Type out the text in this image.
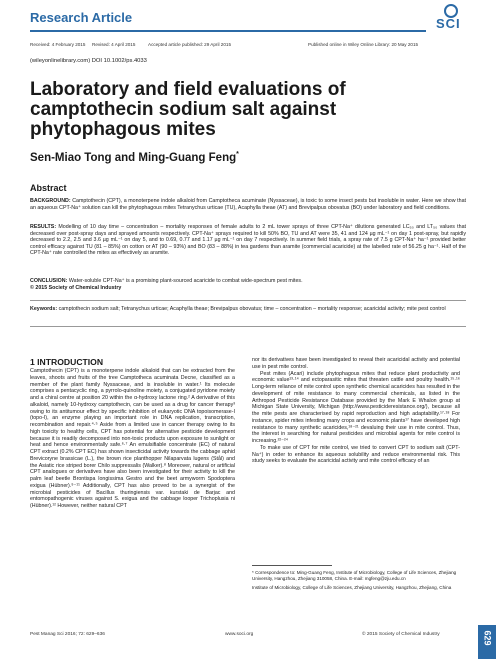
Research Article	SCI
Received: 4 February 2015 Revised: 4 April 2015	Accepted article published: 29 April 2015	Published online in Wiley Online Library: 20 May 2015
(wileyonlinelibrary.com) DOI 10.1002/ps.4033
Laboratory and field evaluations of camptothecin sodium salt against phytophagous mites
Sen-Miao Tong and Ming-Guang Feng*
Abstract
BACKGROUND: Camptothecin (CPT), a monoterpene indole alkaloid from Camptotheca acuminate (Nyssaceae), is toxic to some insect pests but insoluble in water. Here we show that an aqueous CPT-Na⁺ solution can kill the phytophagous mites Tetranychus urticae (TU), Acaphylla theae (AT) and Brevipalpus obovatus (BO) under laboratory and field conditions.
RESULTS: Modelling of 10 day time – concentration – mortality responses of female adults to 2 mL tower sprays of three CPT-Na⁺ dilutions generated LC₅₀ and LT₅₀ values that decreased over post-spray days and sprayed amounts respectively. CPT-Na⁺ sprays required to kill 50% BO, TU and AT were 35, 41 and 124 µg mL⁻¹ on day 1 post-spray, but rapidly decreased to 2.2, 2.5 and 3.6 µg mL⁻¹ on day 5, and to 0.69, 0.77 and 1.17 µg mL⁻¹ on day 7 respectively. In summer field trials, a spray rate of 7.5 g CPT-Na⁺ ha⁻¹ provided better control efficacy against TU (81 – 85%) on cotton or AT (90 – 93%) and BO (83 – 88%) in tea gardens than aramite (commercial acaricide) at the labelled rate of 56.25 g ha⁻¹. Half of the CPT-Na⁺ rate controlled the mites as effectively as aramite.
CONCLUSION: Water-soluble CPT-Na⁺ is a promising plant-sourced acaricide to combat wide-spectrum pest mites.
© 2015 Society of Chemical Industry
Keywords: camptothecin sodium salt; Tetranychus urticae; Acaphylla theae; Brevipalpus obovatus; time – concentration – mortality response; acaricidal activity; mite pest control
1 INTRODUCTION

Camptothecin (CPT) is a monoterpene indole alkaloid that can be extracted from the leaves, shoots and fruits of the tree Camptotheca acuminata Decne, classified as a member of the plant family Nyssaceae, and is insoluble in water.¹ Its molecule comprises a pentacyclic ring, a pyrrolo-quinoline moiety, a conjugated pyridone moiety and a chiral centre at position 20 within the α-hydroxy lactone ring.² A derivative of this alkaloid, namely 10-hydroxy camptothecin, can be used as a drug for cancer therapy³ owing to its antitumour effect by specific inhibition of eukaryotic DNA topoisomerase-I (topo-I), an enzyme playing an important role in DNA replication, transcription, recombination and repair.⁴·⁵ Aside from a limited use in cancer therapy owing to its high toxicity to healthy cells, CPT has potential for alternative pesticide development because it is readily decomposed into non-toxic products upon exposure to sunlight or heat and hence environmentally safe.⁶·⁷ An emulsifiable concentrate (EC) of natural CPT extract (0.2% CPT EC) has shown insecticidal activity towards the cabbage aphid Brevicoryne brassicae (L.), the brown rice planthopper Nilaparvata lugens (Stål) and the Asiatic rice striped borer Chilo suppressalis (Walker).⁸ Moreover, natural or artificial CPT analogues or derivatives have also been investigated for their activity to kill the palm leaf beetle Brontispa longissima Gestro and the beet armyworm Spodoptera exigua (Hübner).⁹⁻¹¹ Additionally, CPT has also proved to be a synergist of the microbial pesticides of Bacillus thuringiensis var. kurstaki de Barjac and entomopathogenic viruses against S. exigua and the cabbage looper Trichoplusia ni (Hübner).¹² However, neither natural CPT

nor its derivatives have been investigated to reveal their acaricidal activity and potential use in pest mite control.

Pest mites (Acari) include phytophagous mites that reduce plant productivity and economic value¹³·¹⁴ and ectoparasitic mites that threaten cattle and poultry health.¹⁵·¹⁶ Long-term reliance of mite control upon synthetic chemical acaricides has resulted in the development of mite resistance to many commercial chemicals, as listed in the Arthropod Pesticide Resistance Database provided by the Mark E Whalon group at Michigan State University, Michigan (http://www.pesticideresistance.org/), because all the mite pests are characterised by rapid reproduction and high adaptability.¹⁷·¹⁸ For instance, spider mites infesting many crops and economic plants¹⁷ have developed high resistance to many synthetic acaricides,¹⁸⁻²¹ devaluing their use in mite control. Thus, the interest in searching for natural pesticides and microbial agents for mite control is increasing.²²⁻²⁴

To make use of CPT for mite control, we tried to convert CPT to sodium salt (CPT-Na⁺) in order to enhance its aqueous solubility and reduce environmental risk. This study seeks to evaluate the acaricidal activity and mite control efficacy of an

* Correspondence to: Ming-Guang Feng, Institute of Microbiology, College of Life Sciences, Zhejiang University, Hangzhou, Zhejiang 310058, China. E-mail: mgfeng@zju.edu.cn

Institute of Microbiology, College of Life Sciences, Zhejiang University, Hangzhou, Zhejiang, China

Pest Manag Sci 2016; 72: 629–636	www.soci.org	© 2015 Society of Chemical Industry	629
